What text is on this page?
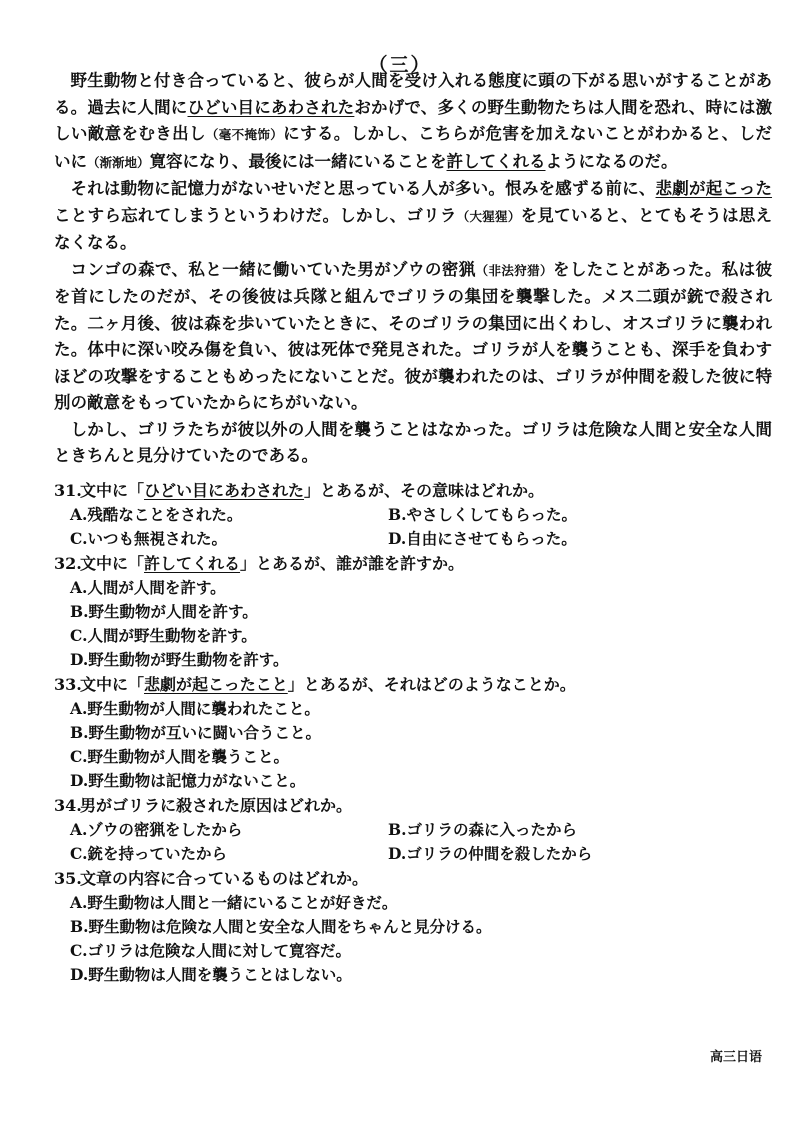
（三）

野生動物と付き合っていると、彼らが人間を受け入れる態度に頭の下がる思いがすることがある。過去に人間にひどい目にあわされたおかげで、多くの野生動物たちは人間を恐れ、時には激しい敵意をむき出し（毫不掩饰）にする。しかし、こちらが危害を加えないことがわかると、しだいに（渐渐地）寛容になり、最後には一緒にいることを許してくれるようになるのだ。

それは動物に記憶力がないせいだと思っている人が多い。恨みを感ずる前に、悲劇が起こったことすら忘れてしまうというわけだ。しかし、ゴリラ（大猩猩）を見ていると、とてもそうは思えなくなる。

コンゴの森で、私と一緒に働いていた男がゾウの密猟（非法狩猎）をしたことがあった。私は彼を首にしたのだが、その後彼は兵隊と組んでゴリラの集団を襲撃した。メス二頭が銃で殺された。二ヶ月後、彼は森を歩いていたときに、そのゴリラの集団に出くわし、オスゴリラに襲われた。体中に深い咬み傷を負い、彼は死体で発見された。ゴリラが人を襲うことも、深手を負わすほどの攻撃をすることもめったにないことだ。彼が襲われたのは、ゴリラが仲間を殺した彼に特別の敵意をもっていたからにちがいない。

しかし、ゴリラたちが彼以外の人間を襲うことはなかった。ゴリラは危険な人間と安全な人間ときちんと見分けていたのである。

31.文中に「ひどい目にあわされた」とあるが、その意味はどれか。
A.残酷なことをされた。	B.やさしくしてもらった。
C.いつも無視された。	D.自由にさせてもらった。
32.文中に「許してくれる」とあるが、誰が誰を許すか。
A.人間が人間を許す。
B.野生動物が人間を許す。
C.人間が野生動物を許す。
D.野生動物が野生動物を許す。
33.文中に「悲劇が起こったこと」とあるが、それはどのようなことか。
A.野生動物が人間に襲われたこと。
B.野生動物が互いに闘い合うこと。
C.野生動物が人間を襲うこと。
D.野生動物は記憶力がないこと。
34.男がゴリラに殺された原因はどれか。
A.ゾウの密猟をしたから	B.ゴリラの森に入ったから
C.銃を持っていたから	D.ゴリラの仲間を殺したから
35.文章の内容に合っているものはどれか。
A.野生動物は人間と一緒にいることが好きだ。
B.野生動物は危険な人間と安全な人間をちゃんと見分ける。
C.ゴリラは危険な人間に対して寛容だ。
D.野生動物は人間を襲うことはしない。
高三日语
